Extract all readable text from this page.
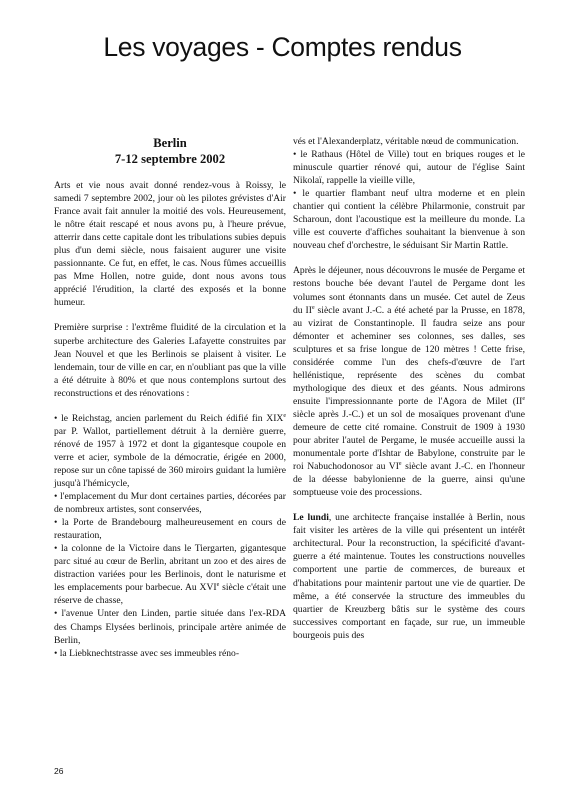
Les voyages - Comptes rendus
Berlin
7-12 septembre 2002

Arts et vie nous avait donné rendez-vous à Roissy, le samedi 7 septembre 2002, jour où les pilotes grévistes d'Air France avait fait annuler la moitié des vols. Heureusement, le nôtre était rescapé et nous avons pu, à l'heure prévue, atterrir dans cette capitale dont les tribulations subies depuis plus d'un demi siècle, nous faisaient augurer une visite passionnante. Ce fut, en effet, le cas. Nous fûmes accueillis pas Mme Hollen, notre guide, dont nous avons tous apprécié l'érudition, la clarté des exposés et la bonne humeur.

Première surprise : l'extrême fluidité de la circulation et la superbe architecture des Galeries Lafayette construites par Jean Nouvel et que les Berlinois se plaisent à visiter. Le lendemain, tour de ville en car, en n'oubliant pas que la ville a été détruite à 80% et que nous contemplons surtout des reconstructions et des rénovations :

• le Reichstag, ancien parlement du Reich édifié fin XIXe par P. Wallot, partiellement détruit à la dernière guerre, rénové de 1957 à 1972 et dont la gigantesque coupole en verre et acier, symbole de la démocratie, érigée en 2000, repose sur un cône tapissé de 360 miroirs guidant la lumière jusqu'à l'hémicycle,

• l'emplacement du Mur dont certaines parties, décorées par de nombreux artistes, sont conservées,

• la Porte de Brandebourg malheureusement en cours de restauration,

• la colonne de la Victoire dans le Tiergarten, gigantesque parc situé au cœur de Berlin, abritant un zoo et des aires de distraction variées pour les Berlinois, dont le naturisme et les emplacements pour barbecue. Au XVIe siècle c'était une réserve de chasse,

• l'avenue Unter den Linden, partie située dans l'ex-RDA des Champs Elysées berlinois, principale artère animée de Berlin,

• la Liebknechtstrasse avec ses immeubles réno-

vés et l'Alexanderplatz, véritable nœud de communication.

• le Rathaus (Hôtel de Ville) tout en briques rouges et le minuscule quartier rénové qui, autour de l'église Saint Nikolaï, rappelle la vieille ville,

• le quartier flambant neuf ultra moderne et en plein chantier qui contient la célèbre Philarmonie, construit par Scharoun, dont l'acoustique est la meilleure du monde. La ville est couverte d'affiches souhaitant la bienvenue à son nouveau chef d'orchestre, le séduisant Sir Martin Rattle.

Après le déjeuner, nous découvrons le musée de Pergame et restons bouche bée devant l'autel de Pergame dont les volumes sont étonnants dans un musée. Cet autel de Zeus du IIe siècle avant J.-C. a été acheté par la Prusse, en 1878, au vizirat de Constantinople. Il faudra seize ans pour démonter et acheminer ses colonnes, ses dalles, ses sculptures et sa frise longue de 120 mètres ! Cette frise, considérée comme l'un des chefs-d'œuvre de l'art hellénistique, représente des scènes du combat mythologique des dieux et des géants. Nous admirons ensuite l'impressionnante porte de l'Agora de Milet (IIe siècle après J.-C.) et un sol de mosaïques provenant d'une demeure de cette cité romaine. Construit de 1909 à 1930 pour abriter l'autel de Pergame, le musée accueille aussi la monumentale porte d'Ishtar de Babylone, construite par le roi Nabuchodonosor au VIe siècle avant J.-C. en l'honneur de la déesse babylonienne de la guerre, ainsi qu'une somptueuse voie des processions.

Le lundi, une architecte française installée à Berlin, nous fait visiter les artères de la ville qui présentent un intérêt architectural. Pour la reconstruction, la spécificité d'avant-guerre a été maintenue. Toutes les constructions nouvelles comportent une partie de commerces, de bureaux et d'habitations pour maintenir partout une vie de quartier. De même, a été conservée la structure des immeubles du quartier de Kreuzberg bâtis sur le système des cours successives comportant en façade, sur rue, un immeuble bourgeois puis des

26
